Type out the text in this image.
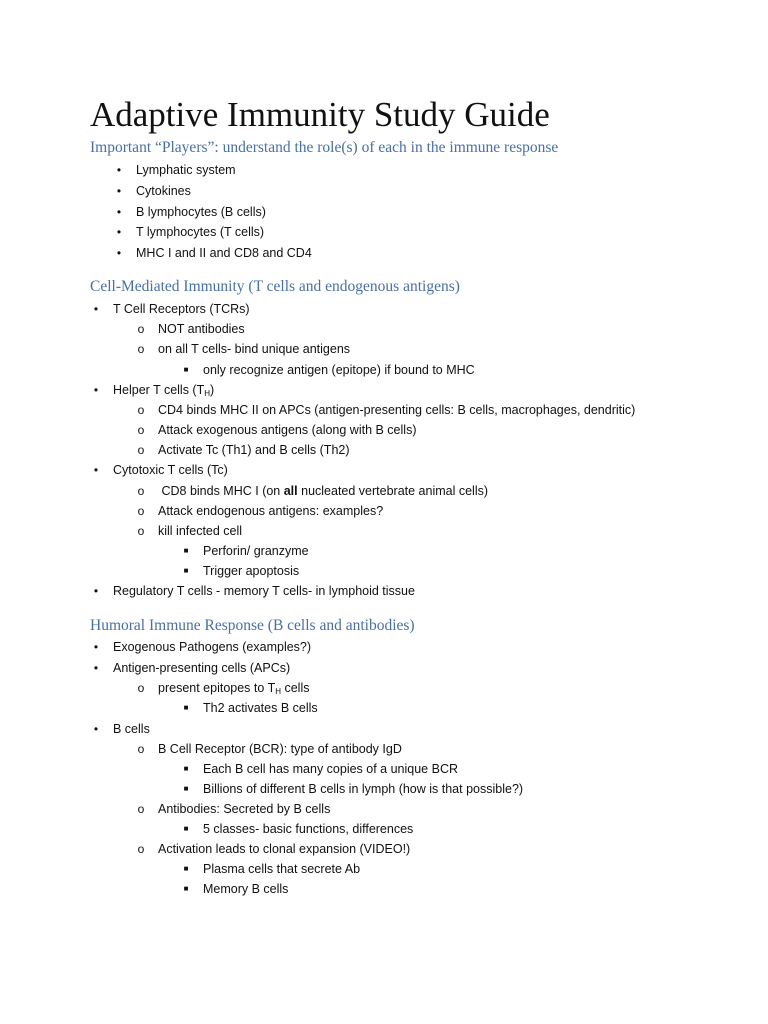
Adaptive Immunity Study Guide
Important “Players”: understand the role(s) of each in the immune response
•	Lymphatic system
•	Cytokines
•	B lymphocytes (B cells)
•	T lymphocytes (T cells)
•	MHC I and II and CD8 and CD4
Cell-Mediated Immunity (T cells and endogenous antigens)
•	T Cell Receptors (TCRs)
o NOT antibodies
o on all T cells- bind unique antigens
■ only recognize antigen (epitope) if bound to MHC
•	Helper T cells $(T_H)$
o CD4 binds MHC II on APCs (antigen-presenting cells: B cells, macrophages, dendritic)
o Attack exogenous antigens (along with B cells)
o Activate Tc (Th1) and B cells (Th2)
•	Cytotoxic T cells (Tc)
o CD8 binds MHC I (on all nucleated vertebrate animal cells)
o Attack endogenous antigens: examples?
o kill infected cell
■ Perforin/ granzyme
■ Trigger apoptosis
•	Regulatory T cells - memory T cells- in lymphoid tissue
Humoral Immune Response (B cells and antibodies)
•	Exogenous Pathogens (examples?)
•	Antigen-presenting cells (APCs)
o present epitopes to $T_H$ cells
■ Th2 activates B cells
•	B cells
o B Cell Receptor (BCR): type of antibody IgD
■ Each B cell has many copies of a unique BCR
■ Billions of different B cells in lymph (how is that possible?)
o Antibodies: Secreted by B cells
■ 5 classes- basic functions, differences
o Activation leads to clonal expansion (VIDEO!)
■ Plasma cells that secrete Ab
■ Memory B cells
